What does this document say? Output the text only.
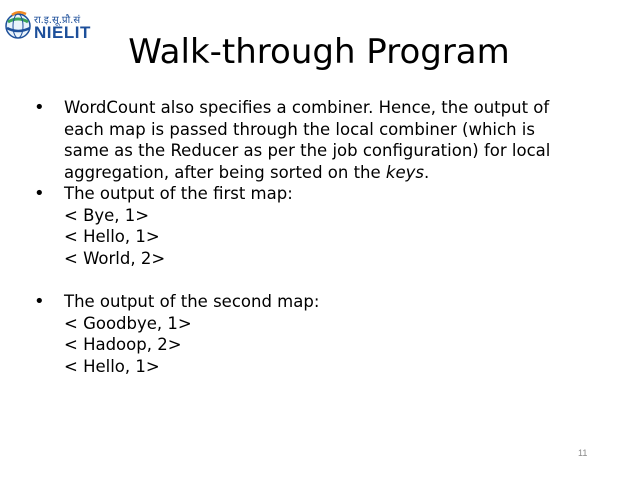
रा.इ.सू.प्रौ.सं
NIELIT	Walk-through Program
• WordCount also specifies a combiner. Hence, the output of
each map is passed through the local combiner (which is
same as the Reducer as per the job configuration) for local
aggregation, after being sorted on the keys.
• The output of the first map:
< Bye, 1>
< Hello, 1>
< World, 2>
• The output of the second map:
< Goodbye, 1>
< Hadoop, 2>
< Hello, 1>
11
